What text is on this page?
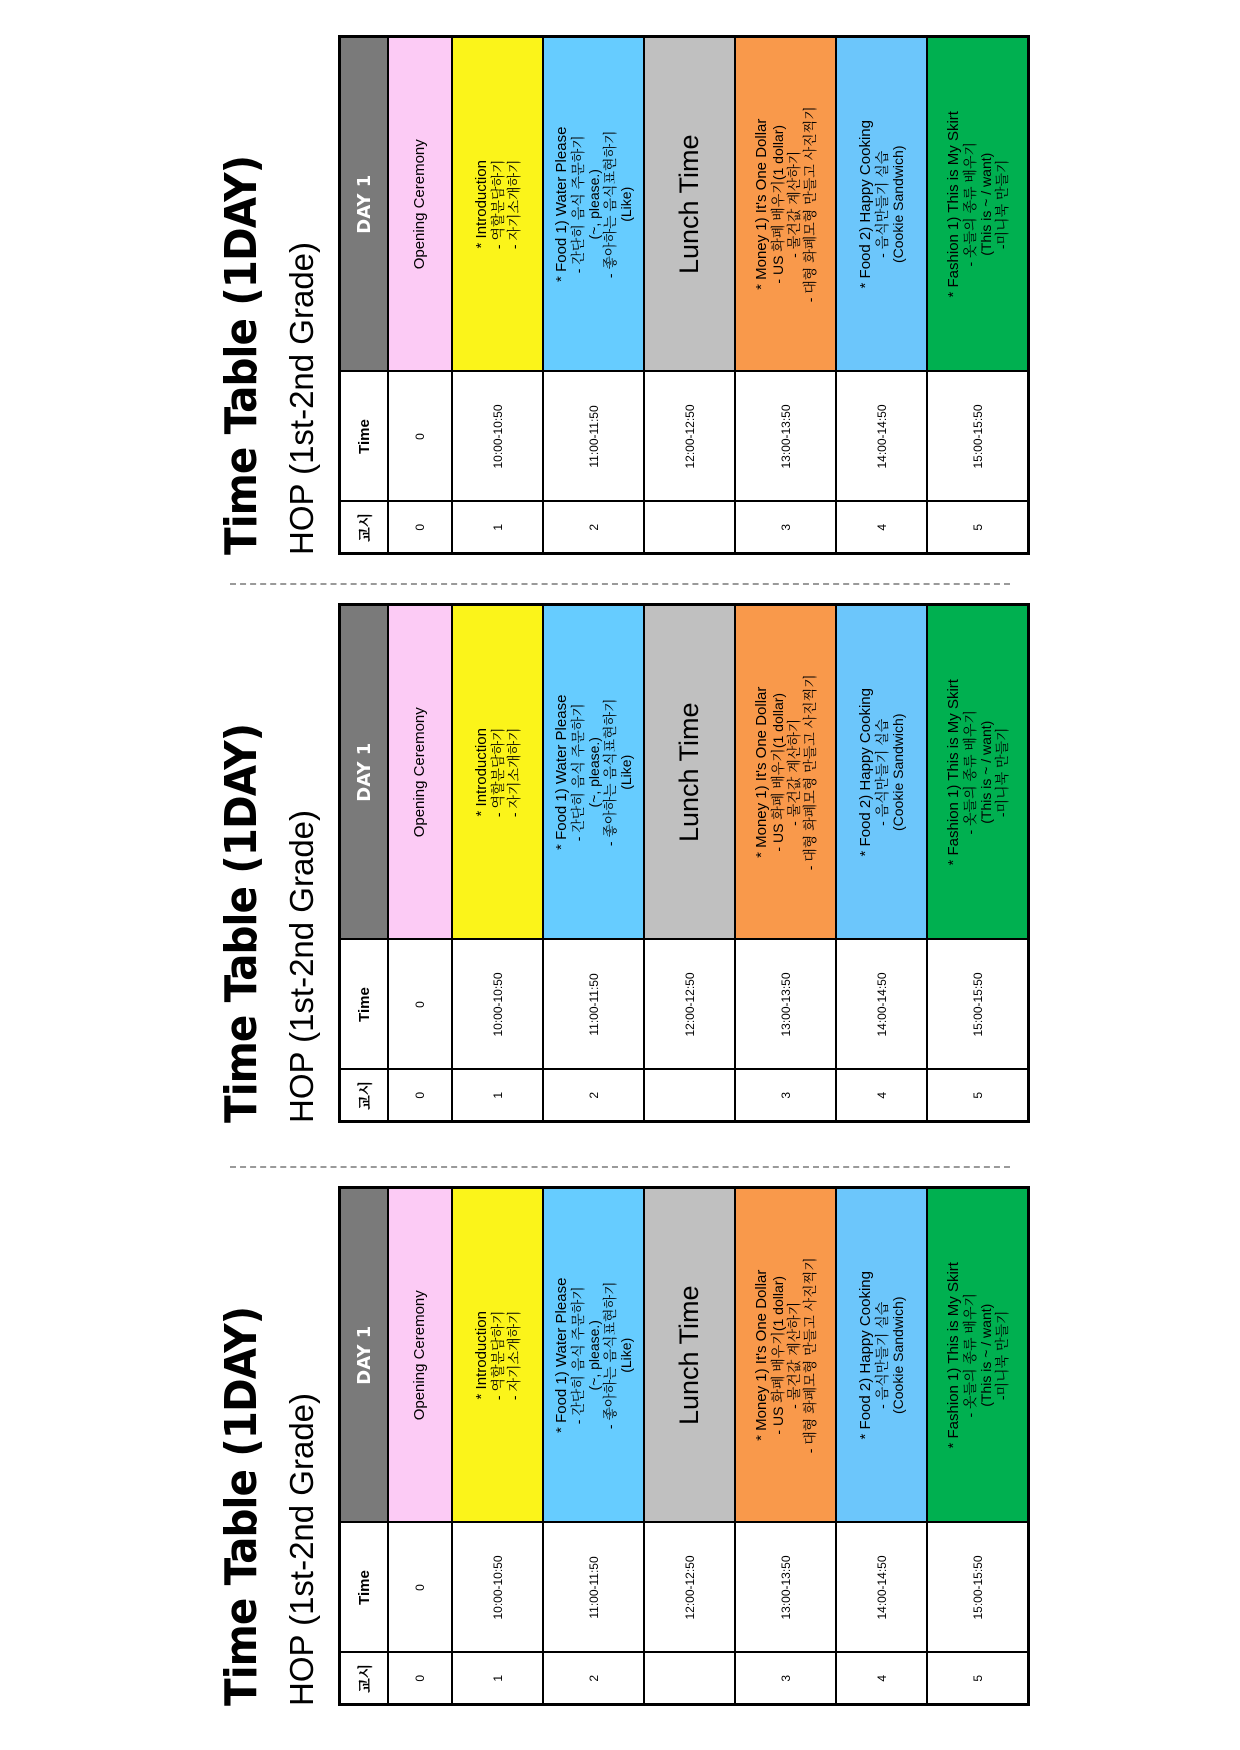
Time Table (1DAY) HOP (1st-2nd Grade) 교시	Time	DAY 1
0	0	Opening Ceremony

1	10:00-10:50	* Introduction - 역할분담하기 - 자기소개하기

2	11:00-11:50	* Food 1) Water Please - 간단히 음식 주문하기 (~, please.) - 좋아하는 음식표현하기 (Like)

	12:00-12:50	Lunch Time
3	13:00-13:50	* Money 1) It's One Dollar - US 화폐 배우기(1 dollar) - 물건값 계산하기 - 대형 화폐모형 만들고 사진찍기

4	14:00-14:50	* Food 2) Happy Cooking - 음식만들기 실습 (Cookie Sandwich)

5	15:00-15:50	* Fashion 1) This is My Skirt - 옷들의 종류 배우기 (This is ~ / want) -미니북 만들기
Time Table (1DAY) HOP (1st-2nd Grade) 교시	Time	DAY 1
0	0	Opening Ceremony

1	10:00-10:50	* Introduction - 역할분담하기 - 자기소개하기

2	11:00-11:50	* Food 1) Water Please - 간단히 음식 주문하기 (~, please.) - 좋아하는 음식표현하기 (Like)

	12:00-12:50	Lunch Time
3	13:00-13:50	* Money 1) It's One Dollar - US 화폐 배우기(1 dollar) - 물건값 계산하기 - 대형 화폐모형 만들고 사진찍기

4	14:00-14:50	* Food 2) Happy Cooking - 음식만들기 실습 (Cookie Sandwich)

5	15:00-15:50	* Fashion 1) This is My Skirt - 옷들의 종류 배우기 (This is ~ / want) -미니북 만들기
Time Table (1DAY) HOP (1st-2nd Grade) 교시	Time	DAY 1
0	0	Opening Ceremony

1	10:00-10:50	* Introduction - 역할분담하기 - 자기소개하기

2	11:00-11:50	* Food 1) Water Please - 간단히 음식 주문하기 (~, please.) - 좋아하는 음식표현하기 (Like)

	12:00-12:50	Lunch Time
3	13:00-13:50	* Money 1) It's One Dollar - US 화폐 배우기(1 dollar) - 물건값 계산하기 - 대형 화폐모형 만들고 사진찍기

4	14:00-14:50	* Food 2) Happy Cooking - 음식만들기 실습 (Cookie Sandwich)

5	15:00-15:50	* Fashion 1) This is My Skirt - 옷들의 종류 배우기 (This is ~ / want) -미니북 만들기
